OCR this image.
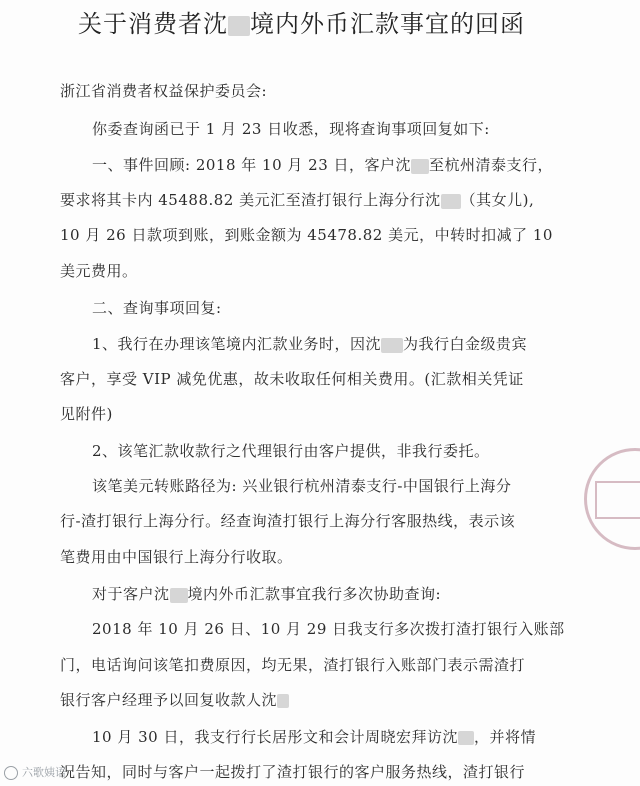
关于消费者沈 境内外币汇款事宜的回函
浙江省消费者权益保护委员会:
你委查询函已于 1 月 23 日收悉，现将查询事项回复如下:
一、事件回顾: 2018 年 10 月 23 日，客户沈 至杭州清泰支行，
要求将其卡内 45488.82 美元汇至渣打银行上海分行沈 （其女儿),
10 月 26 日款项到账，到账金额为 45478.82 美元，中转时扣减了 10
美元费用。
二、查询事项回复:
1、我行在办理该笔境内汇款业务时，因沈 为我行白金级贵宾
客户，享受 VIP 减免优惠，故未收取任何相关费用。(汇款相关凭证
见附件)
2、该笔汇款收款行之代理银行由客户提供，非我行委托。
该笔美元转账路径为: 兴业银行杭州清泰支行-中国银行上海分
行-渣打银行上海分行。经查询渣打银行上海分行客服热线，表示该
笔费用由中国银行上海分行收取。
对于客户沈 境内外币汇款事宜我行多次协助查询:
2018 年 10 月 26 日、10 月 29 日我支行多次拨打渣打银行入账部
门，电话询问该笔扣费原因，均无果，渣打银行入账部门表示需渣打
银行客户经理予以回复收款人沈
10 月 30 日，我支行行长居彤文和会计周晓宏拜访沈 ，并将情
况告知，同时与客户一起拨打了渣打银行的客户服务热线，渣打银行
六歌姨语
